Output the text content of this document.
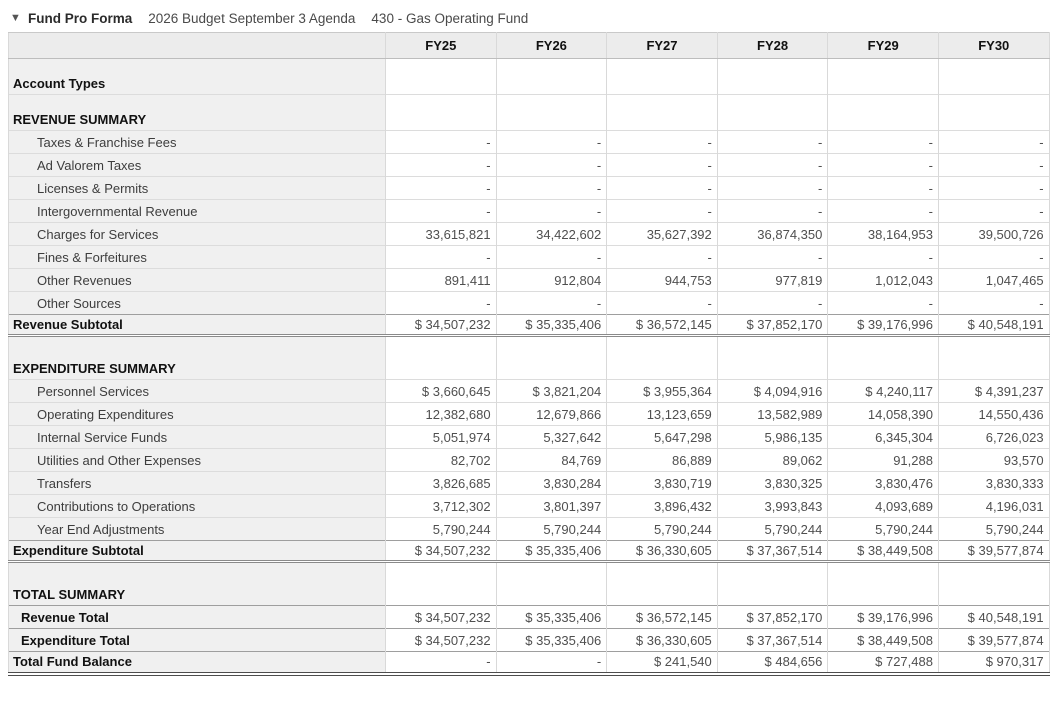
▼ Fund Pro Forma 2026 Budget September 3 Agenda 430 - Gas Operating Fund
	FY25	FY26	FY27	FY28	FY29	FY30
Account Types						
REVENUE SUMMARY						
Taxes & Franchise Fees	-	-	-	-	-	-
Ad Valorem Taxes	-	-	-	-	-	-
Licenses & Permits	-	-	-	-	-	-
Intergovernmental Revenue	-	-	-	-	-	-
Charges for Services	33,615,821	34,422,602	35,627,392	36,874,350	38,164,953	39,500,726
Fines & Forfeitures	-	-	-	-	-	-
Other Revenues	891,411	912,804	944,753	977,819	1,012,043	1,047,465
Other Sources	-	-	-	-	-	-
Revenue Subtotal	$ 34,507,232	$ 35,335,406	$ 36,572,145	$ 37,852,170	$ 39,176,996	$ 40,548,191
EXPENDITURE SUMMARY						
Personnel Services	$ 3,660,645	$ 3,821,204	$ 3,955,364	$ 4,094,916	$ 4,240,117	$ 4,391,237
Operating Expenditures	12,382,680	12,679,866	13,123,659	13,582,989	14,058,390	14,550,436
Internal Service Funds	5,051,974	5,327,642	5,647,298	5,986,135	6,345,304	6,726,023
Utilities and Other Expenses	82,702	84,769	86,889	89,062	91,288	93,570
Transfers	3,826,685	3,830,284	3,830,719	3,830,325	3,830,476	3,830,333
Contributions to Operations	3,712,302	3,801,397	3,896,432	3,993,843	4,093,689	4,196,031
Year End Adjustments	5,790,244	5,790,244	5,790,244	5,790,244	5,790,244	5,790,244
Expenditure Subtotal	$ 34,507,232	$ 35,335,406	$ 36,330,605	$ 37,367,514	$ 38,449,508	$ 39,577,874
TOTAL SUMMARY						
Revenue Total	$ 34,507,232	$ 35,335,406	$ 36,572,145	$ 37,852,170	$ 39,176,996	$ 40,548,191
Expenditure Total	$ 34,507,232	$ 35,335,406	$ 36,330,605	$ 37,367,514	$ 38,449,508	$ 39,577,874
Total Fund Balance	-	-	$ 241,540	$ 484,656	$ 727,488	$ 970,317
